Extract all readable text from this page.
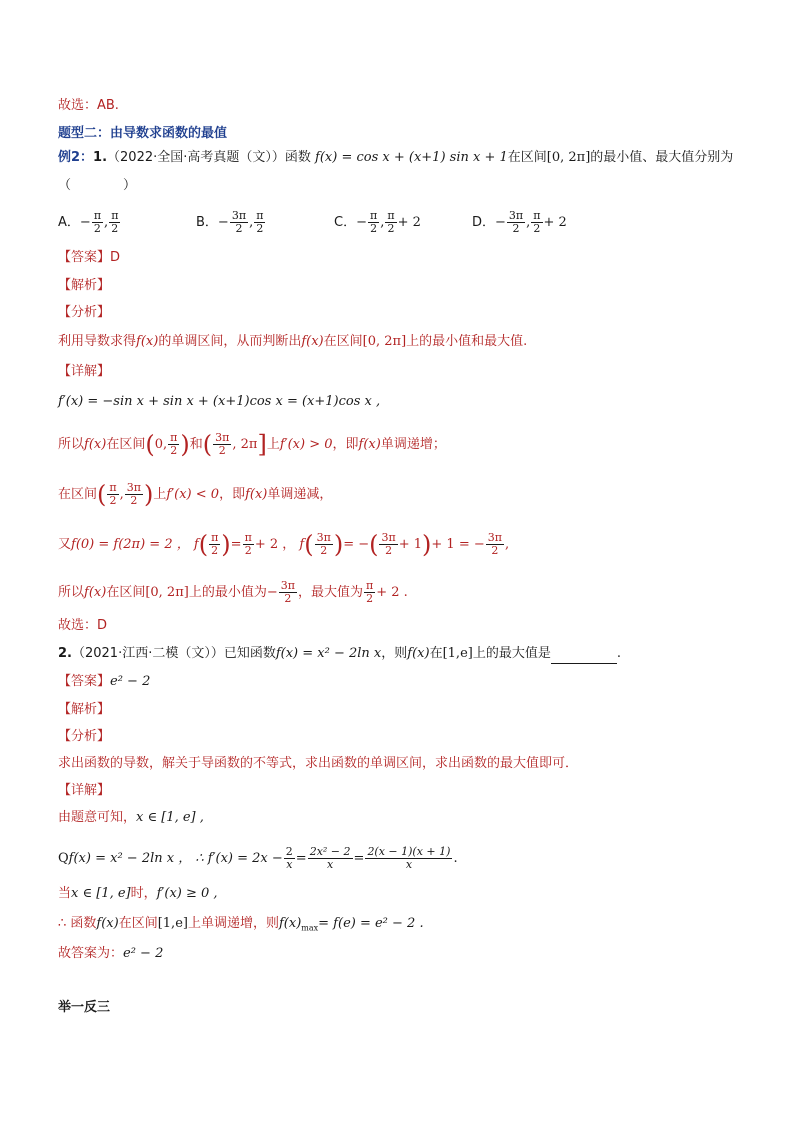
故选：AB.
题型二：由导数求函数的最值
例2：1.（2022·全国·高考真题（文））函数 f(x) = cos x + (x+1) sin x + 1在区间[0, 2π]的最小值、最大值分别为
（　　　　）
A．− $\frac{\pi}{2}$ , $\frac{\pi}{2}$	B．− $\frac{3\pi}{2}$ , $\frac{\pi}{2}$	C．− $\frac{\pi}{2}$ , $\frac{\pi}{2} + 2$	D．− $\frac{3\pi}{2}$ , $\frac{\pi}{2} + 2$
【答案】D
【解析】
【分析】
利用导数求得f(x)的单调区间，从而判断出f(x)在区间[0, 2π]上的最小值和最大值.
【详解】
f′(x) = −sin x + sin x + (x+1)cos x = (x+1)cos x ,
所以f(x)在区间(0, $\frac{\pi}{2}$ )和( $\frac{3\pi}{2}$ , 2π]上f′(x) > 0，即f(x)单调递增；
在区间( $\frac{\pi}{2}$ , $\frac{3\pi}{2}$ )上f′(x) < 0，即f(x)单调递减，
又f(0) = f(2π) = 2 ， $f( \frac{\pi}{2}$ )= $\frac{\pi}{2} + 2$ ， $f( \frac{3\pi}{2}$ )= −( $\frac{3\pi}{2} + 1)+ 1$ = − $\frac{3\pi}{2}$ ,
所以f(x)在区间[0, 2π]上的最小值为− $\frac{3\pi}{2}$ ，最大值为 $\frac{\pi}{2} + 2$ .
故选：D
2.（2021·江西·二模（文））已知函数f(x) = x² − 2ln x，则f(x)在[1,e]上的最大值是	.
【答案】e² − 2
【解析】
【分析】
求出函数的导数，解关于导函数的不等式，求出函数的单调区间，求出函数的最大值即可．
【详解】
由题意可知，x ∈ [1, e] ,
Qf(x) = x² − 2ln x ， ∴ $f'(x) = 2x - \frac{2}{x} = \frac{\text{2x² − 2}}{x} = \frac{2(x - 1)(x + 1)}{x}$ .
当x ∈ [1, e]时，f′(x) ≥ 0 ,
∴ 函数f(x)在区间[1,e]上单调递增，则$f(x)_{max}= f(e) = e^2 - 2$ .
故答案为：e² − 2
举一反三
